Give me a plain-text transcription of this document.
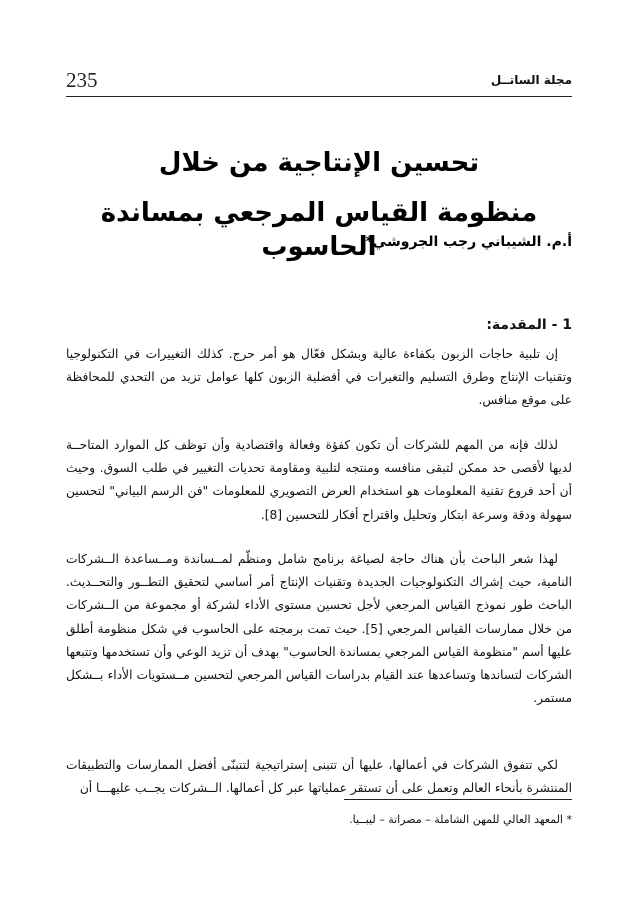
235	مجلة الساتــل
تحسين الإنتاجية من خلال
منظومة القياس المرجعي بمساندة الحاسوب
أ.م. الشيباني رجب الجروشي*
1 - المقدمة:

إن تلبية حاجات الزبون بكفاءة عالية وبشكل فعّال هو أمر حرج. كذلك التغييرات في التكنولوجيا وتقنيات الإنتاج وطرق التسليم والتغيرات في أفضلية الزبون كلها عوامل تزيد من التحدي للمحافظة على موقع منافس.

لذلك فإنه من المهم للشركات أن تكون كفؤة وفعالة واقتصادية وأن توظف كل الموارد المتاحــة لديها لأقصى حد ممكن لتبقى منافسه ومنتجه لتلبية ومقاومة تحديات التغيير في طلب السوق. وحيث أن أحد فروع تقنية المعلومات هو استخدام العرض التصويري للمعلومات "فن الرسم البياني" لتحسين سهولة ودقة وسرعة ابتكار وتحليل واقتراح أفكار للتحسين [8].

لهذا شعر الباحث بأن هناك حاجة لصياغة برنامج شامل ومنظّم لمــساندة ومــساعدة الــشركات النامية، حيث إشراك التكنولوجيات الجديدة وتقنيات الإنتاج أمر أساسي لتحقيق التطــور والتحــديث. الباحث طور نموذج القياس المرجعي لأجل تحسين مستوى الأداء لشركة أو مجموعة من الــشركات من خلال ممارسات القياس المرجعي [5]. حيث تمت برمجته على الحاسوب في شكل منظومة أطلق عليها أسم "منظومة القياس المرجعي بمساندة الحاسوب" بهدف أن تزيد الوعي وأن تستخدمها وتتبعها الشركات لتساندها وتساعدها عند القيام بدراسات القياس المرجعي لتحسين مــستويات الأداء بــشكل مستمر.

لكي تتفوق الشركات في أعمالها، عليها أن تتبنى إستراتيجية لتتبنّى أفضل الممارسات والتطبيقات المنتشرة بأنحاء العالم وتعمل على أن تستقر عملياتها عبر كل أعمالها. الــشركات يجــب عليهـــا أن

* المعهد العالي للمهن الشاملة – مصراتة – ليبــيا.
